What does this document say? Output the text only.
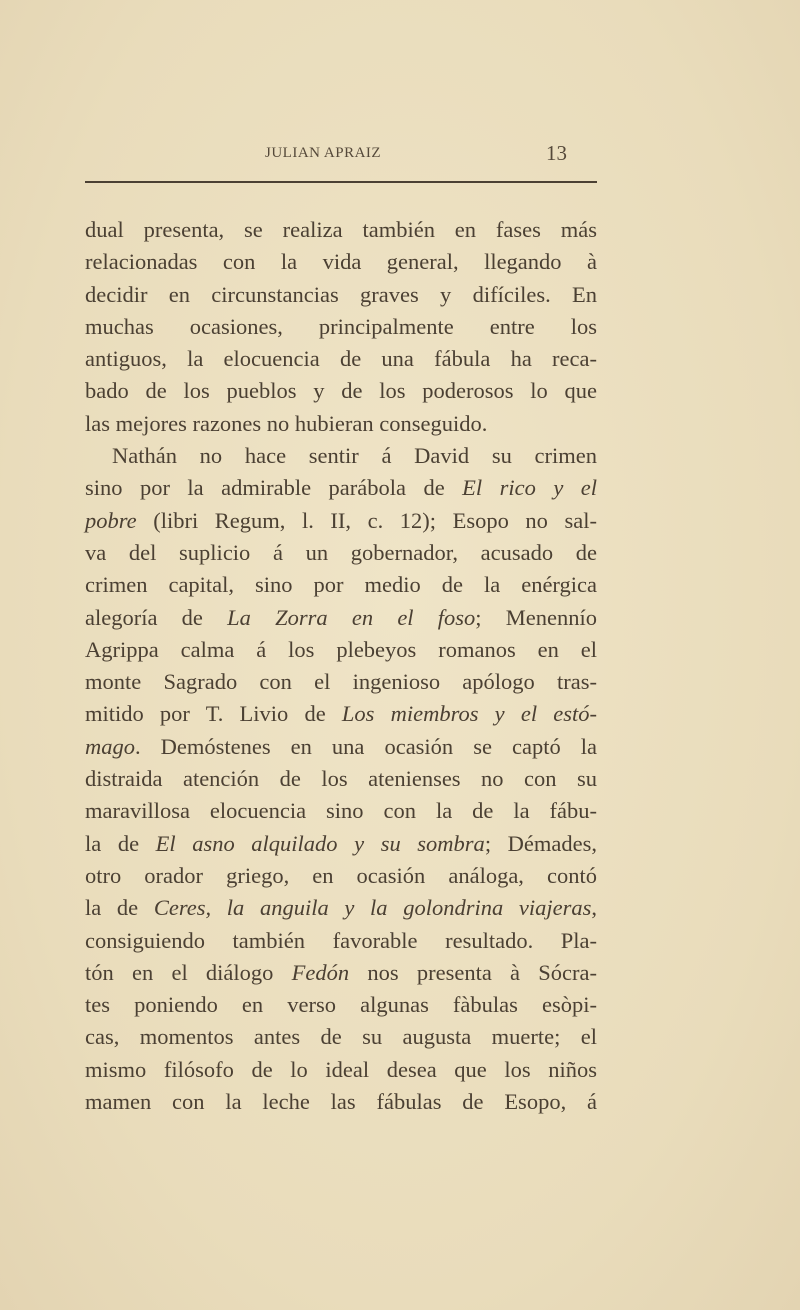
JULIAN APRAIZ	13
dual presenta, se realiza también en fases más
relacionadas con la vida general, llegando à
decidir en circunstancias graves y difíciles. En
muchas ocasiones, principalmente entre los
antiguos, la elocuencia de una fábula ha reca-
bado de los pueblos y de los poderosos lo que
las mejores razones no hubieran conseguido.
Nathán no hace sentir á David su crimen
sino por la admirable parábola de El rico y el
pobre (libri Regum, l. II, c. 12); Esopo no sal-
va del suplicio á un gobernador, acusado de
crimen capital, sino por medio de la enérgica
alegoría de La Zorra en el foso; Menennío
Agrippa calma á los plebeyos romanos en el
monte Sagrado con el ingenioso apólogo tras-
mitido por T. Livio de Los miembros y el estó-
mago. Demóstenes en una ocasión se captó la
distraida atención de los atenienses no con su
maravillosa elocuencia sino con la de la fábu-
la de El asno alquilado y su sombra; Démades,
otro orador griego, en ocasión análoga, contó
la de Ceres, la anguila y la golondrina viajeras,
consiguiendo también favorable resultado. Pla-
tón en el diálogo Fedón nos presenta à Sócra-
tes poniendo en verso algunas fàbulas esòpi-
cas, momentos antes de su augusta muerte; el
mismo filósofo de lo ideal desea que los niños
mamen con la leche las fábulas de Esopo, á
